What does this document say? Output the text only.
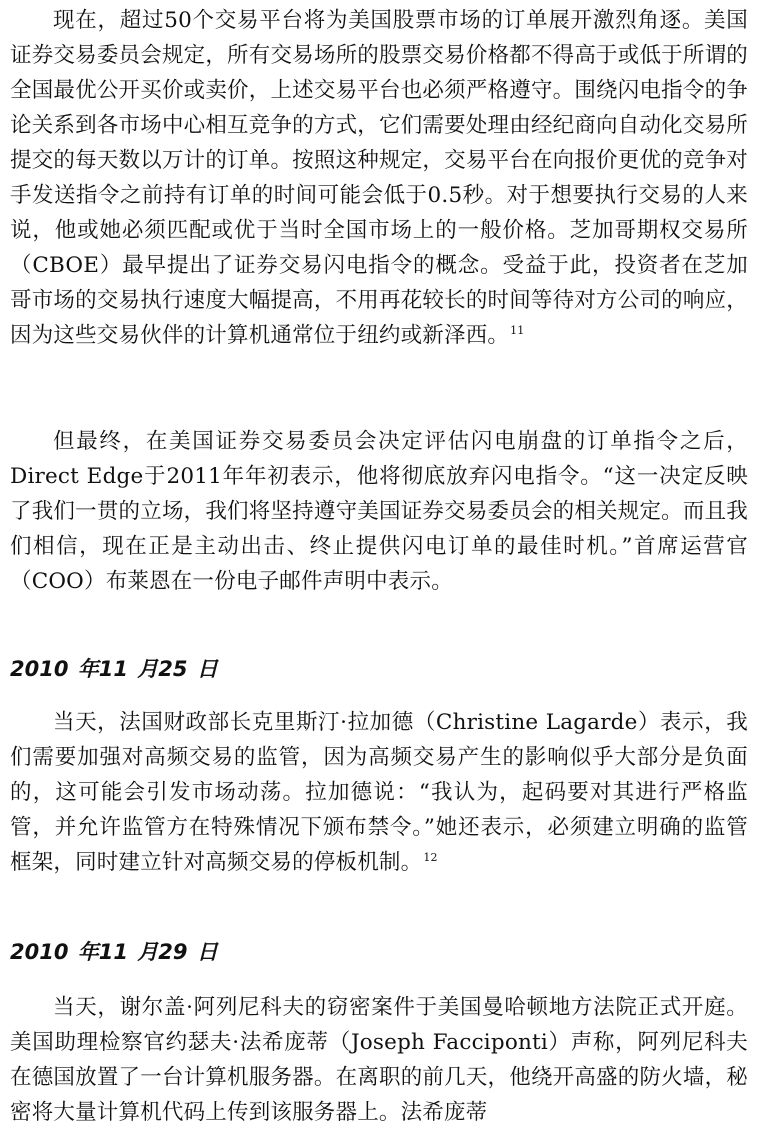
现在，超过50个交易平台将为美国股票市场的订单展开激烈角逐。美国证券交易委员会规定，所有交易场所的股票交易价格都不得高于或低于所谓的全国最优公开买价或卖价，上述交易平台也必须严格遵守。围绕闪电指令的争论关系到各市场中心相互竞争的方式，它们需要处理由经纪商向自动化交易所提交的每天数以万计的订单。按照这种规定，交易平台在向报价更优的竞争对手发送指令之前持有订单的时间可能会低于0.5秒。对于想要执行交易的人来说，他或她必须匹配或优于当时全国市场上的一般价格。芝加哥期权交易所（CBOE）最早提出了证券交易闪电指令的概念。受益于此，投资者在芝加哥市场的交易执行速度大幅提高，不用再花较长的时间等待对方公司的响应，因为这些交易伙伴的计算机通常位于纽约或新泽西。$^{11}$

但最终，在美国证券交易委员会决定评估闪电崩盘的订单指令之后，Direct Edge于2011年年初表示，他将彻底放弃闪电指令。“这一决定反映了我们一贯的立场，我们将坚持遵守美国证券交易委员会的相关规定。而且我们相信，现在正是主动出击、终止提供闪电订单的最佳时机。”首席运营官（COO）布莱恩在一份电子邮件声明中表示。

2010 年11 月25 日

当天，法国财政部长克里斯汀·拉加德（Christine Lagarde）表示，我们需要加强对高频交易的监管，因为高频交易产生的影响似乎大部分是负面的，这可能会引发市场动荡。拉加德说：“我认为，起码要对其进行严格监管，并允许监管方在特殊情况下颁布禁令。”她还表示，必须建立明确的监管框架，同时建立针对高频交易的停板机制。$^{12}$

2010 年11 月29 日

当天，谢尔盖·阿列尼科夫的窃密案件于美国曼哈顿地方法院正式开庭。美国助理检察官约瑟夫·法希庞蒂（Joseph Facciponti）声称，阿列尼科夫在德国放置了一台计算机服务器。在离职的前几天，他绕开高盛的防火墙，秘密将大量计算机代码上传到该服务器上。法希庞蒂
